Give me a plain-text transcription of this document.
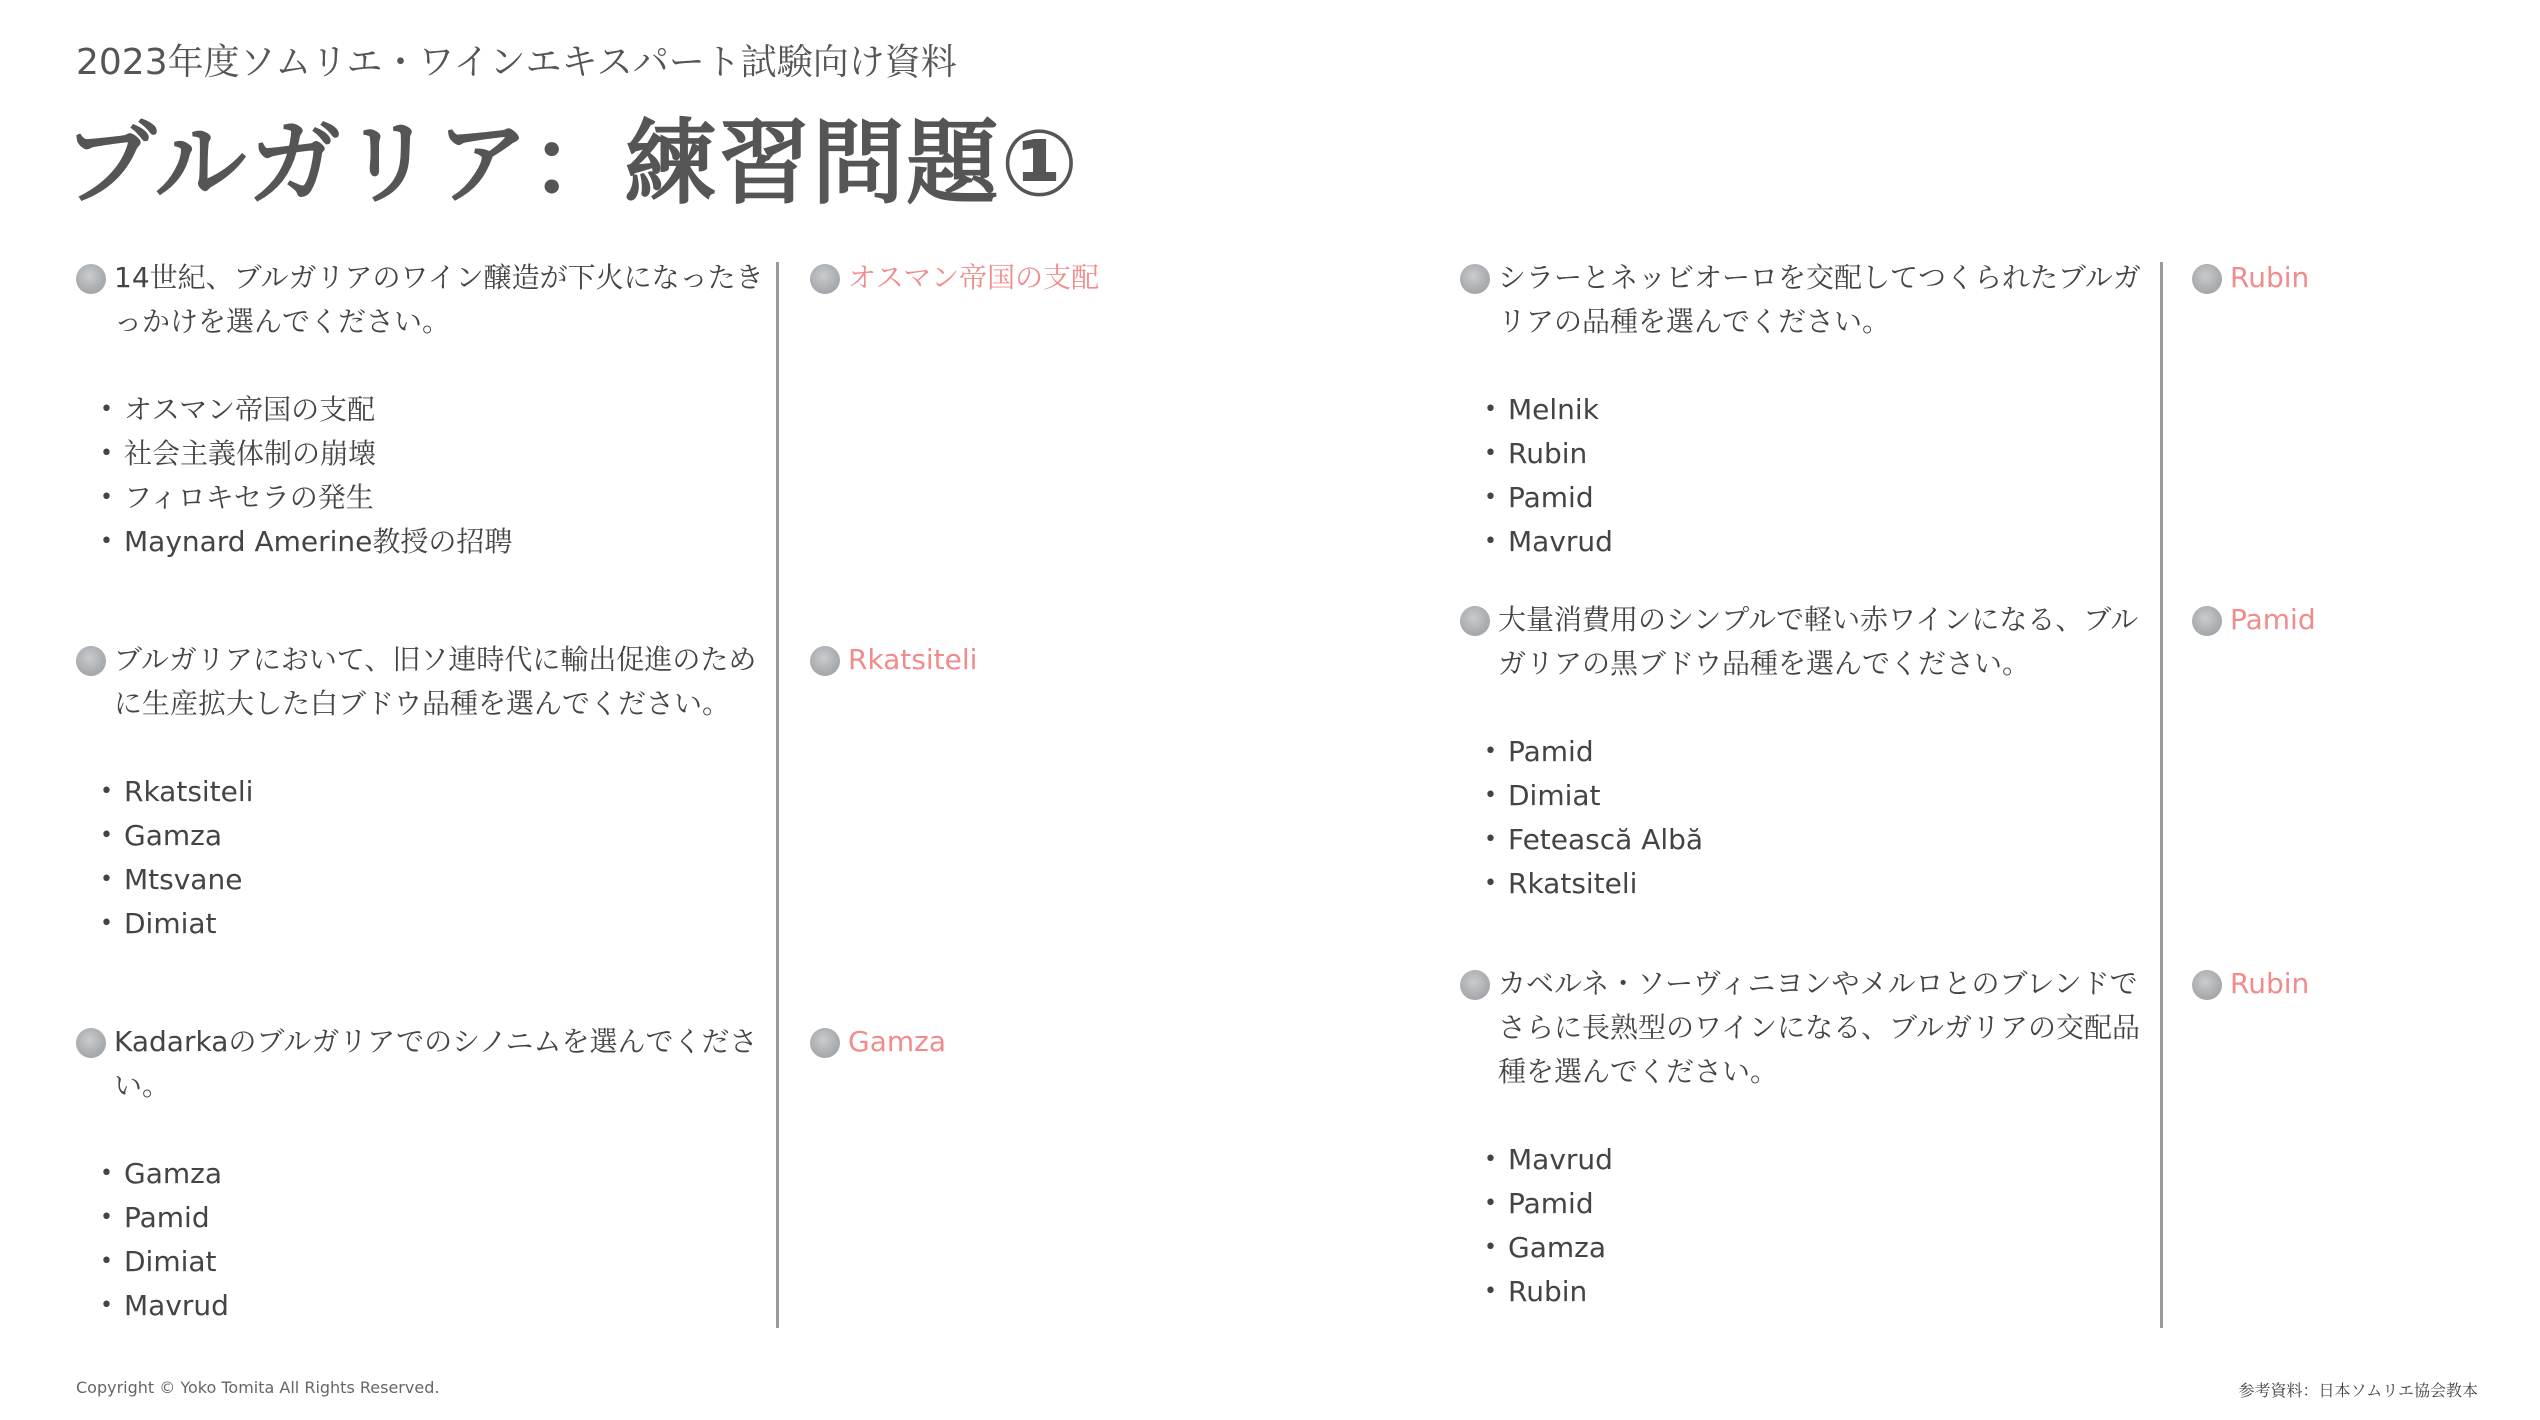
2023年度ソムリエ・ワインエキスパート試験向け資料
ブルガリア：練習問題①
14世紀、ブルガリアのワイン醸造が下火になったきっかけを選んでください。
• オスマン帝国の支配
• 社会主義体制の崩壊
• フィロキセラの発生
• Maynard Amerine教授の招聘
オスマン帝国の支配
ブルガリアにおいて、旧ソ連時代に輸出促進のために生産拡大した白ブドウ品種を選んでください。
• Rkatsiteli
• Gamza
• Mtsvane
• Dimiat
Rkatsiteli
Kadarkaのブルガリアでのシノニムを選んでください。
• Gamza
• Pamid
• Dimiat
• Mavrud
Gamza
シラーとネッビオーロを交配してつくられたブルガリアの品種を選んでください。
• Melnik
• Rubin
• Pamid
• Mavrud
Rubin
大量消費用のシンプルで軽い赤ワインになる、ブルガリアの黒ブドウ品種を選んでください。
• Pamid
• Dimiat
• Fetească Albă
• Rkatsiteli
Pamid
カベルネ・ソーヴィニヨンやメルロとのブレンドでさらに長熟型のワインになる、ブルガリアの交配品種を選んでください。
• Mavrud
• Pamid
• Gamza
• Rubin
Rubin
Copyright © Yoko Tomita All Rights Reserved.	参考資料：日本ソムリエ協会教本
